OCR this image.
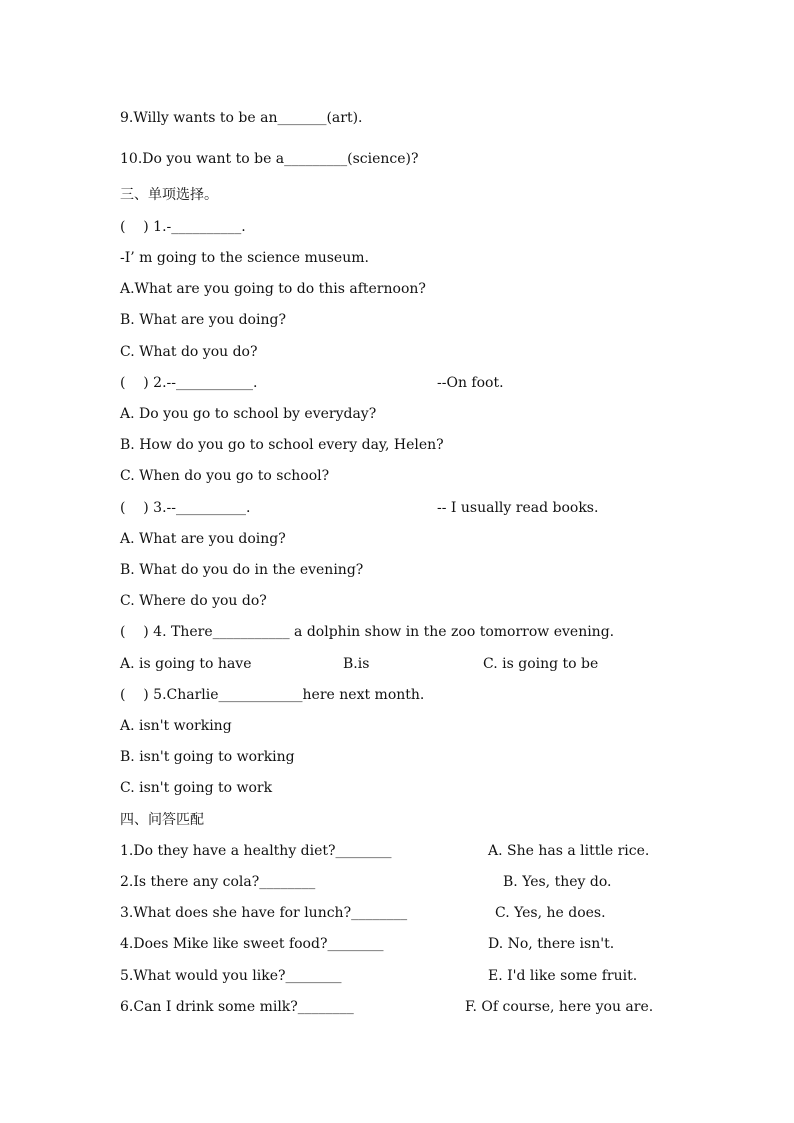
9.Willy wants to be an_______(art).
10.Do you want to be a_________(science)?
三、单项选择。
(    ) 1.-__________.
-I’ m going to the science museum.
A.What are you going to do this afternoon?
B. What are you doing?
C. What do you do?
(    ) 2.--___________.	--On foot.
A. Do you go to school by everyday?
B. How do you go to school every day, Helen?
C. When do you go to school?
(    ) 3.--__________.	-- I usually read books.
A. What are you doing?
B. What do you do in the evening?
C. Where do you do?
(    ) 4. There___________ a dolphin show in the zoo tomorrow evening.
A. is going to have	B.is	C. is going to be
(    ) 5.Charlie____________here next month.
A. isn't working
B. isn't going to working
C. isn't going to work
四、问答匹配
1.Do they have a healthy diet?________	A. She has a little rice.
2.Is there any cola?________	B. Yes, they do.
3.What does she have for lunch?________	C. Yes, he does.
4.Does Mike like sweet food?________	D. No, there isn't.
5.What would you like?________	E. I'd like some fruit.
6.Can I drink some milk?________	F. Of course, here you are.
